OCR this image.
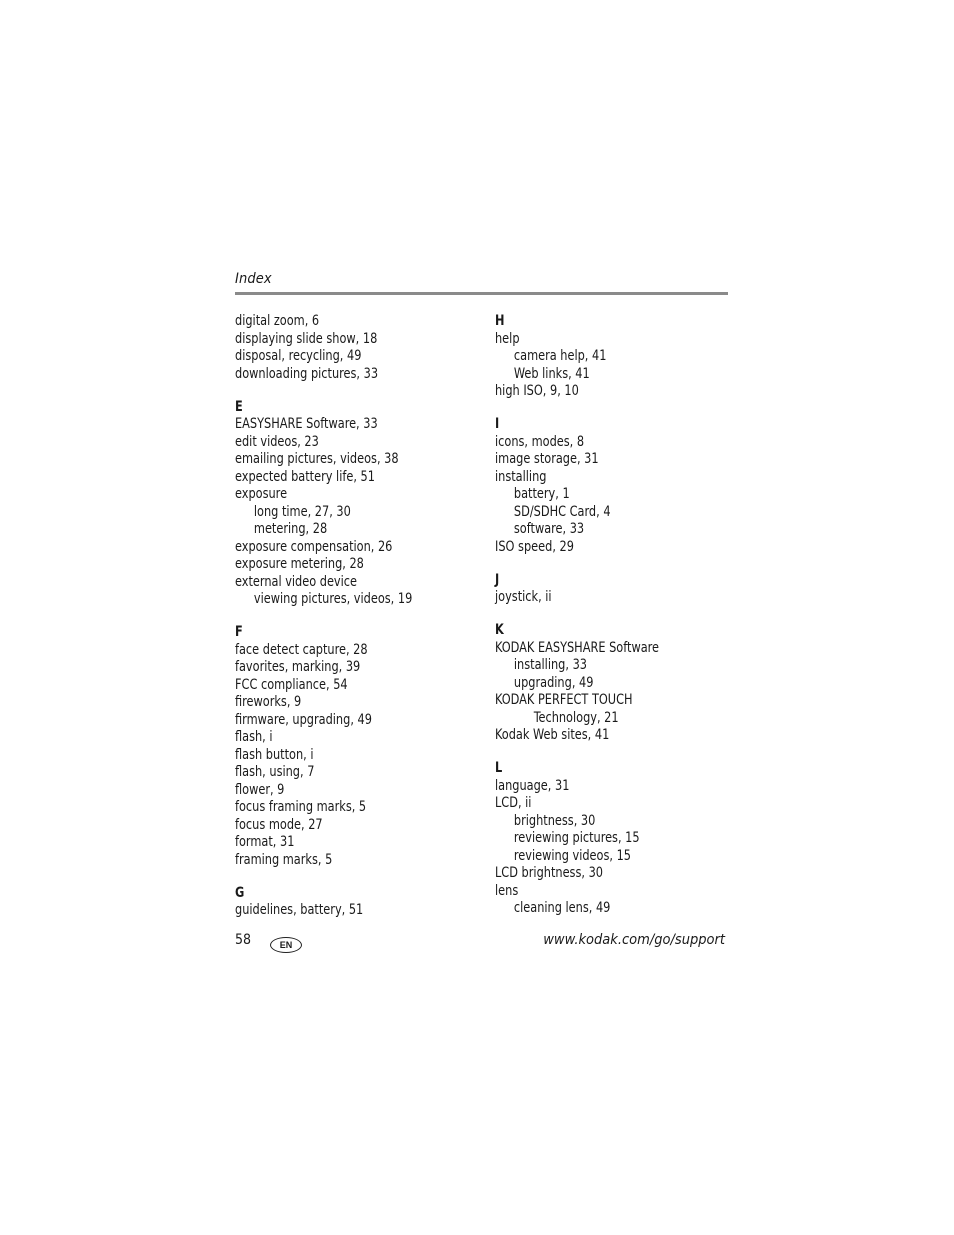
Index
digital zoom, 6
displaying slide show, 18
disposal, recycling, 49
downloading pictures, 33
E
EASYSHARE Software, 33
edit videos, 23
emailing pictures, videos, 38
expected battery life, 51
exposure
long time, 27, 30
metering, 28
exposure compensation, 26
exposure metering, 28
external video device
viewing pictures, videos, 19
F
face detect capture, 28
favorites, marking, 39
FCC compliance, 54
fireworks, 9
firmware, upgrading, 49
flash, i
flash button, i
flash, using, 7
flower, 9
focus framing marks, 5
focus mode, 27
format, 31
framing marks, 5
G
guidelines, battery, 51
H
help
camera help, 41
Web links, 41
high ISO, 9, 10
I
icons, modes, 8
image storage, 31
installing
battery, 1
SD/SDHC Card, 4
software, 33
ISO speed, 29
J
joystick, ii
K
KODAK EASYSHARE Software
installing, 33
upgrading, 49
KODAK PERFECT TOUCH
Technology, 21
Kodak Web sites, 41
L
language, 31
LCD, ii
brightness, 30
reviewing pictures, 15
reviewing videos, 15
LCD brightness, 30
lens
cleaning lens, 49
58	EN	www.kodak.com/go/support
